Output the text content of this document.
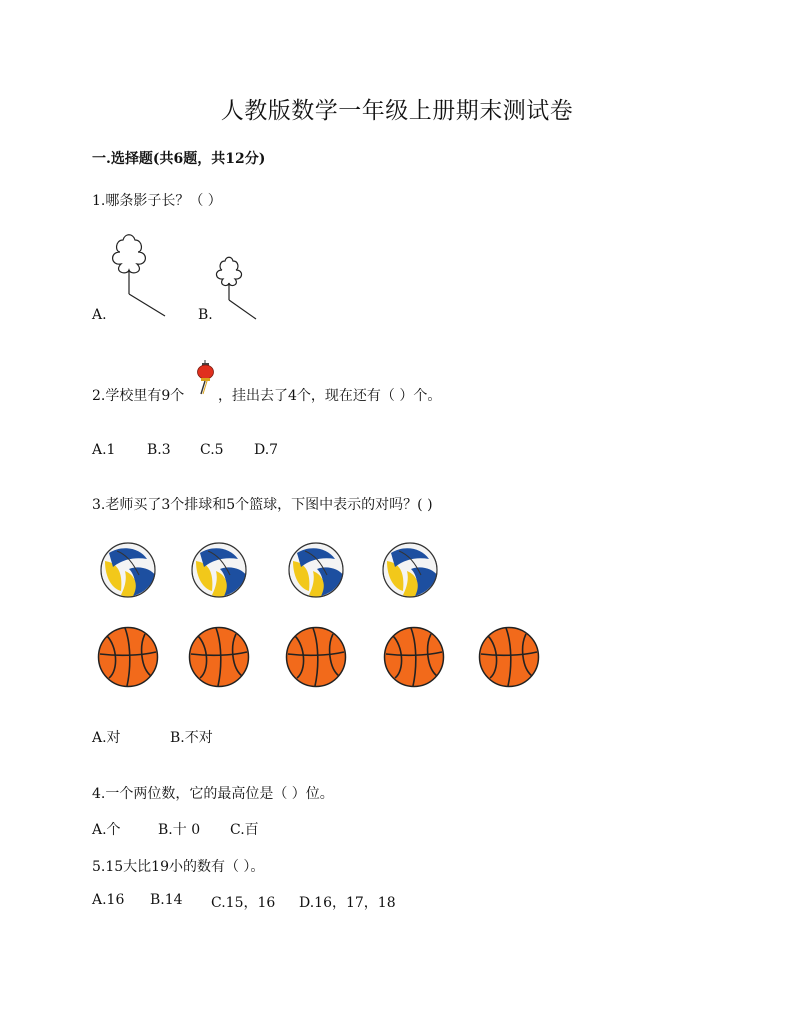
人教版数学一年级上册期末测试卷
一.选择题(共6题，共12分)
1.哪条影子长？（ ）
A.	B.
2.学校里有9个 ，挂出去了4个，现在还有（ ）个。
A.1 B.3 C.5 D.7
3.老师买了3个排球和5个篮球，下图中表示的对吗？( )
A.对	B.不对
4.一个两位数，它的最高位是（ ）位。
A.个	B.十 0 C.百
5.15大比19小的数有（ ）。
A.16 B.14 C.15，16 D.16，17，18
